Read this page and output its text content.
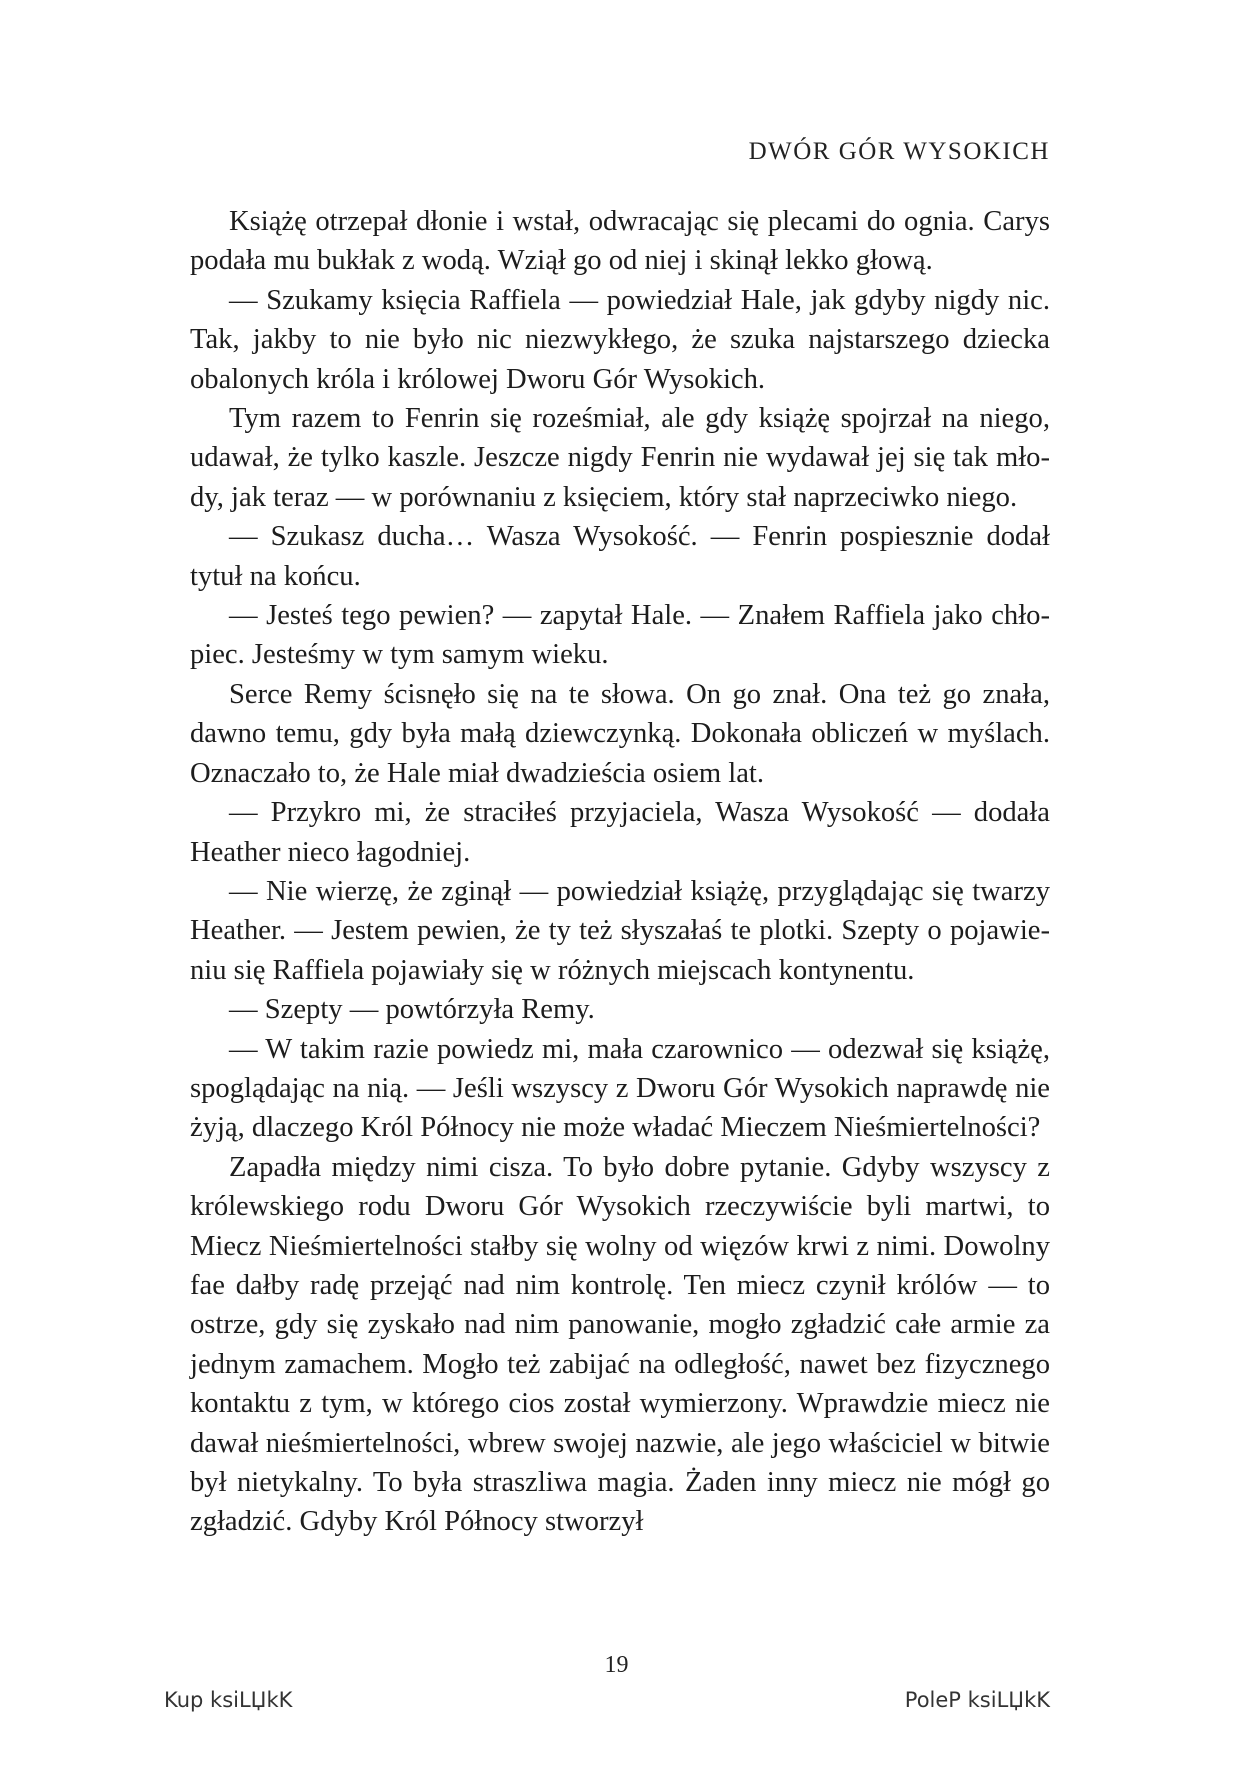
DWÓR GÓR WYSOKICH

Książę otrzepał dłonie i wstał, odwracając się plecami do ognia. Carys podała mu bukłak z wodą. Wziął go od niej i skinął lekko głową.

— Szukamy księcia Raffiela — powiedział Hale, jak gdyby nigdy nic. Tak, jakby to nie było nic niezwykłego, że szuka najstarszego dziecka obalonych króla i królowej Dworu Gór Wysokich.

Tym razem to Fenrin się roześmiał, ale gdy książę spojrzał na niego, udawał, że tylko kaszle. Jeszcze nigdy Fenrin nie wydawał jej się tak młody, jak teraz — w porównaniu z księciem, który stał naprzeciwko niego.

— Szukasz ducha… Wasza Wysokość. — Fenrin pospiesznie dodał tytuł na końcu.

— Jesteś tego pewien? — zapytał Hale. — Znałem Raffiela jako chłopiec. Jesteśmy w tym samym wieku.

Serce Remy ścisnęło się na te słowa. On go znał. Ona też go znała, dawno temu, gdy była małą dziewczynką. Dokonała obliczeń w myślach. Oznaczało to, że Hale miał dwadzieścia osiem lat.

— Przykro mi, że straciłeś przyjaciela, Wasza Wysokość — dodała Heather nieco łagodniej.

— Nie wierzę, że zginął — powiedział książę, przyglądając się twarzy Heather. — Jestem pewien, że ty też słyszałaś te plotki. Szepty o pojawieniu się Raffiela pojawiały się w różnych miejscach kontynentu.

— Szepty — powtórzyła Remy.

— W takim razie powiedz mi, mała czarownico — odezwał się książę, spoglądając na nią. — Jeśli wszyscy z Dworu Gór Wysokich naprawdę nie żyją, dlaczego Król Północy nie może władać Mieczem Nieśmiertelności?

Zapadła między nimi cisza. To było dobre pytanie. Gdyby wszyscy z królewskiego rodu Dworu Gór Wysokich rzeczywiście byli martwi, to Miecz Nieśmiertelności stałby się wolny od więzów krwi z nimi. Dowolny fae dałby radę przejąć nad nim kontrolę. Ten miecz czynił królów — to ostrze, gdy się zyskało nad nim panowanie, mogło zgładzić całe armie za jednym zamachem. Mogło też zabijać na odległość, nawet bez fizycznego kontaktu z tym, w którego cios został wymierzony. Wprawdzie miecz nie dawał nieśmiertelności, wbrew swojej nazwie, ale jego właściciel w bitwie był nietykalny. To była straszliwa magia. Żaden inny miecz nie mógł go zgładzić. Gdyby Król Północy stworzył

19
Kup ksiLЏkK	PoleP ksiLЏkK
